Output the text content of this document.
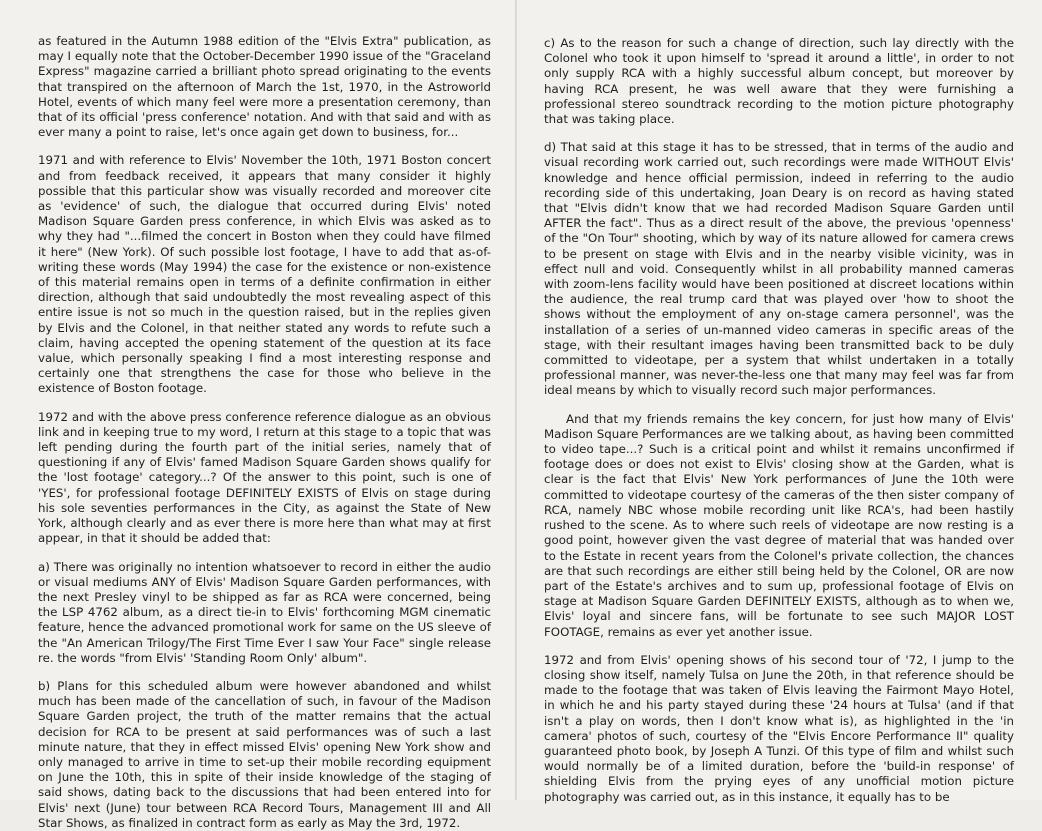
as featured in the Autumn 1988 edition of the "Elvis Extra" publication, as may I equally note that the October-December 1990 issue of the "Graceland Express" magazine carried a brilliant photo spread originating to the events that transpired on the afternoon of March the 1st, 1970, in the Astroworld Hotel, events of which many feel were more a presentation ceremony, than that of its official 'press conference' notation. And with that said and with as ever many a point to raise, let's once again get down to business, for...

1971 and with reference to Elvis' November the 10th, 1971 Boston concert and from feedback received, it appears that many consider it highly possible that this particular show was visually recorded and moreover cite as 'evidence' of such, the dialogue that occurred during Elvis' noted Madison Square Garden press conference, in which Elvis was asked as to why they had "...filmed the concert in Boston when they could have filmed it here" (New York). Of such possible lost footage, I have to add that as-of-writing these words (May 1994) the case for the existence or non-existence of this material remains open in terms of a definite confirmation in either direction, although that said undoubtedly the most revealing aspect of this entire issue is not so much in the question raised, but in the replies given by Elvis and the Colonel, in that neither stated any words to refute such a claim, having accepted the opening statement of the question at its face value, which personally speaking I find a most interesting response and certainly one that strengthens the case for those who believe in the existence of Boston footage.

1972 and with the above press conference reference dialogue as an obvious link and in keeping true to my word, I return at this stage to a topic that was left pending during the fourth part of the initial series, namely that of questioning if any of Elvis' famed Madison Square Garden shows qualify for the 'lost footage' category...? Of the answer to this point, such is one of 'YES', for professional footage DEFINITELY EXISTS of Elvis on stage during his sole seventies performances in the City, as against the State of New York, although clearly and as ever there is more here than what may at first appear, in that it should be added that:

a) There was originally no intention whatsoever to record in either the audio or visual mediums ANY of Elvis' Madison Square Garden performances, with the next Presley vinyl to be shipped as far as RCA were concerned, being the LSP 4762 album, as a direct tie-in to Elvis' forthcoming MGM cinematic feature, hence the advanced promotional work for same on the US sleeve of the "An American Trilogy/The First Time Ever I saw Your Face" single release re. the words "from Elvis' 'Standing Room Only' album".

b) Plans for this scheduled album were however abandoned and whilst much has been made of the cancellation of such, in favour of the Madison Square Garden project, the truth of the matter remains that the actual decision for RCA to be present at said performances was of such a last minute nature, that they in effect missed Elvis' opening New York show and only managed to arrive in time to set-up their mobile recording equipment on June the 10th, this in spite of their inside knowledge of the staging of said shows, dating back to the discussions that had been entered into for Elvis' next (June) tour between RCA Record Tours, Management III and All Star Shows, as finalized in contract form as early as May the 3rd, 1972.

c) As to the reason for such a change of direction, such lay directly with the Colonel who took it upon himself to 'spread it around a little', in order to not only supply RCA with a highly successful album concept, but moreover by having RCA present, he was well aware that they were furnishing a professional stereo soundtrack recording to the motion picture photography that was taking place.

d) That said at this stage it has to be stressed, that in terms of the audio and visual recording work carried out, such recordings were made WITHOUT Elvis' knowledge and hence official permission, indeed in referring to the audio recording side of this undertaking, Joan Deary is on record as having stated that "Elvis didn't know that we had recorded Madison Square Garden until AFTER the fact". Thus as a direct result of the above, the previous 'openness' of the "On Tour" shooting, which by way of its nature allowed for camera crews to be present on stage with Elvis and in the nearby visible vicinity, was in effect null and void. Consequently whilst in all probability manned cameras with zoom-lens facility would have been positioned at discreet locations within the audience, the real trump card that was played over 'how to shoot the shows without the employment of any on-stage camera personnel', was the installation of a series of un-manned video cameras in specific areas of the stage, with their resultant images having been transmitted back to be duly committed to videotape, per a system that whilst undertaken in a totally professional manner, was never-the-less one that many may feel was far from ideal means by which to visually record such major performances.

And that my friends remains the key concern, for just how many of Elvis' Madison Square Performances are we talking about, as having been committed to video tape...? Such is a critical point and whilst it remains unconfirmed if footage does or does not exist to Elvis' closing show at the Garden, what is clear is the fact that Elvis' New York performances of June the 10th were committed to videotape courtesy of the cameras of the then sister company of RCA, namely NBC whose mobile recording unit like RCA's, had been hastily rushed to the scene. As to where such reels of videotape are now resting is a good point, however given the vast degree of material that was handed over to the Estate in recent years from the Colonel's private collection, the chances are that such recordings are either still being held by the Colonel, OR are now part of the Estate's archives and to sum up, professional footage of Elvis on stage at Madison Square Garden DEFINITELY EXISTS, although as to when we, Elvis' loyal and sincere fans, will be fortunate to see such MAJOR LOST FOOTAGE, remains as ever yet another issue.

1972 and from Elvis' opening shows of his second tour of '72, I jump to the closing show itself, namely Tulsa on June the 20th, in that reference should be made to the footage that was taken of Elvis leaving the Fairmont Mayo Hotel, in which he and his party stayed during these '24 hours at Tulsa' (and if that isn't a play on words, then I don't know what is), as highlighted in the 'in camera' photos of such, courtesy of the "Elvis Encore Performance II" quality guaranteed photo book, by Joseph A Tunzi. Of this type of film and whilst such would normally be of a limited duration, before the 'build-in response' of shielding Elvis from the prying eyes of any unofficial motion picture photography was carried out, as in this instance, it equally has to be
